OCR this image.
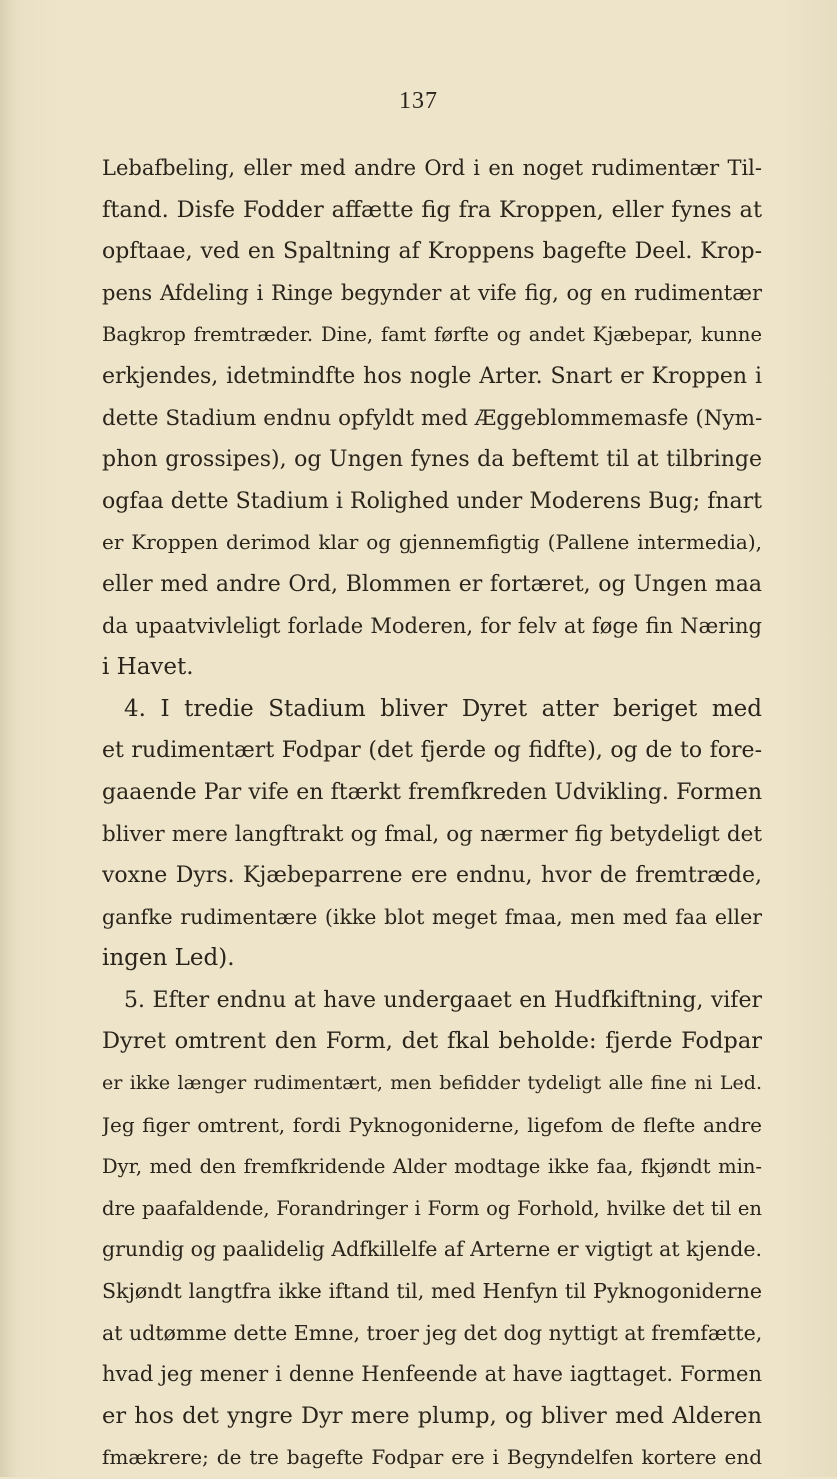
137
Lebafbeling, eller med andre Ord i en noget rudimentær Til-
ftand. Disfe Fodder affætte fig fra Kroppen, eller fynes at
opftaae, ved en Spaltning af Kroppens bagefte Deel. Krop-
pens Afdeling i Ringe begynder at vife fig, og en rudimentær
Bagkrop fremtræder. Dine, famt førfte og andet Kjæbepar, kunne
erkjendes, idetmindfte hos nogle Arter. Snart er Kroppen i
dette Stadium endnu opfyldt med Æggeblommemasfe (Nym-
phon grossipes), og Ungen fynes da beftemt til at tilbringe
ogfaa dette Stadium i Rolighed under Moderens Bug; fnart
er Kroppen derimod klar og gjennemfigtig (Pallene intermedia),
eller med andre Ord, Blommen er fortæret, og Ungen maa
da upaatvivleligt forlade Moderen, for felv at føge fin Næring
i Havet.
4. I tredie Stadium bliver Dyret atter beriget med
et rudimentært Fodpar (det fjerde og fidfte), og de to fore-
gaaende Par vife en ftærkt fremfkreden Udvikling. Formen
bliver mere langftrakt og fmal, og nærmer fig betydeligt det
voxne Dyrs. Kjæbeparrene ere endnu, hvor de fremtræde,
ganfke rudimentære (ikke blot meget fmaa, men med faa eller
ingen Led).
5. Efter endnu at have undergaaet en Hudfkiftning, vifer
Dyret omtrent den Form, det fkal beholde: fjerde Fodpar
er ikke længer rudimentært, men befidder tydeligt alle fine ni Led.
Jeg figer omtrent, fordi Pyknogoniderne, ligefom de flefte andre
Dyr, med den fremfkridende Alder modtage ikke faa, fkjøndt min-
dre paafaldende, Forandringer i Form og Forhold, hvilke det til en
grundig og paalidelig Adfkillelfe af Arterne er vigtigt at kjende.
Skjøndt langtfra ikke iftand til, med Henfyn til Pyknogoniderne
at udtømme dette Emne, troer jeg det dog nyttigt at fremfætte,
hvad jeg mener i denne Henfeende at have iagttaget. Formen
er hos det yngre Dyr mere plump, og bliver med Alderen
fmækrere; de tre bagefte Fodpar ere i Begyndelfen kortere end
